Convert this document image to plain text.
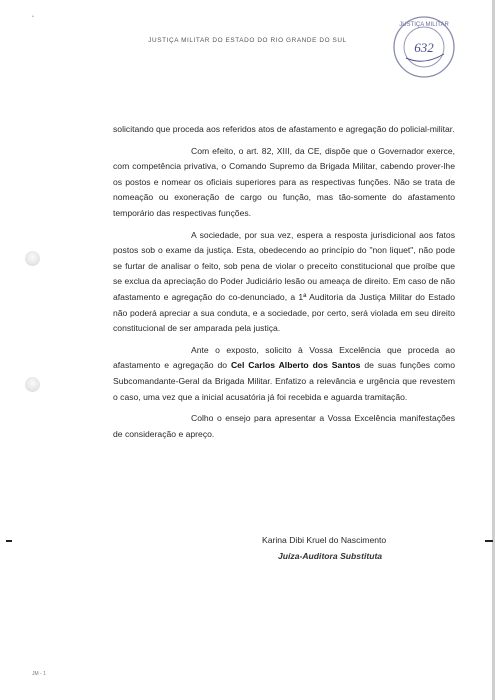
•
JUSTIÇA MILITAR DO ESTADO DO RIO GRANDE DO SUL
JUSTIÇA MILITAR
632

solicitando que proceda aos referidos atos de afastamento e agregação do policial-militar.

Com efeito, o art. 82, XIII, da CE, dispõe que o Governador exerce, com competência privativa, o Comando Supremo da Brigada Militar, cabendo prover-lhe os postos e nomear os oficiais superiores para as respectivas funções. Não se trata de nomeação ou exoneração de cargo ou função, mas tão-somente do afastamento temporário das respectivas funções.

A sociedade, por sua vez, espera a resposta jurisdicional aos fatos postos sob o exame da justiça. Esta, obedecendo ao princípio do "non liquet", não pode se furtar de analisar o feito, sob pena de violar o preceito constitucional que proíbe que se exclua da apreciação do Poder Judiciário lesão ou ameaça de direito. Em caso de não afastamento e agregação do co-denunciado, a 1ª Auditoria da Justiça Militar do Estado não poderá apreciar a sua conduta, e a sociedade, por certo, será violada em seu direito constitucional de ser amparada pela justiça.

Ante o exposto, solicito à Vossa Excelência que proceda ao afastamento e agregação do Cel Carlos Alberto dos Santos de suas funções como Subcomandante-Geral da Brigada Militar. Enfatizo a relevância e urgência que revestem o caso, uma vez que a inicial acusatória já foi recebida e aguarda tramitação.

Colho o ensejo para apresentar a Vossa Excelência manifestações de consideração e apreço.

Karina Dibi Kruel do Nascimento
Juíza-Auditora Substituta
JM - 1
